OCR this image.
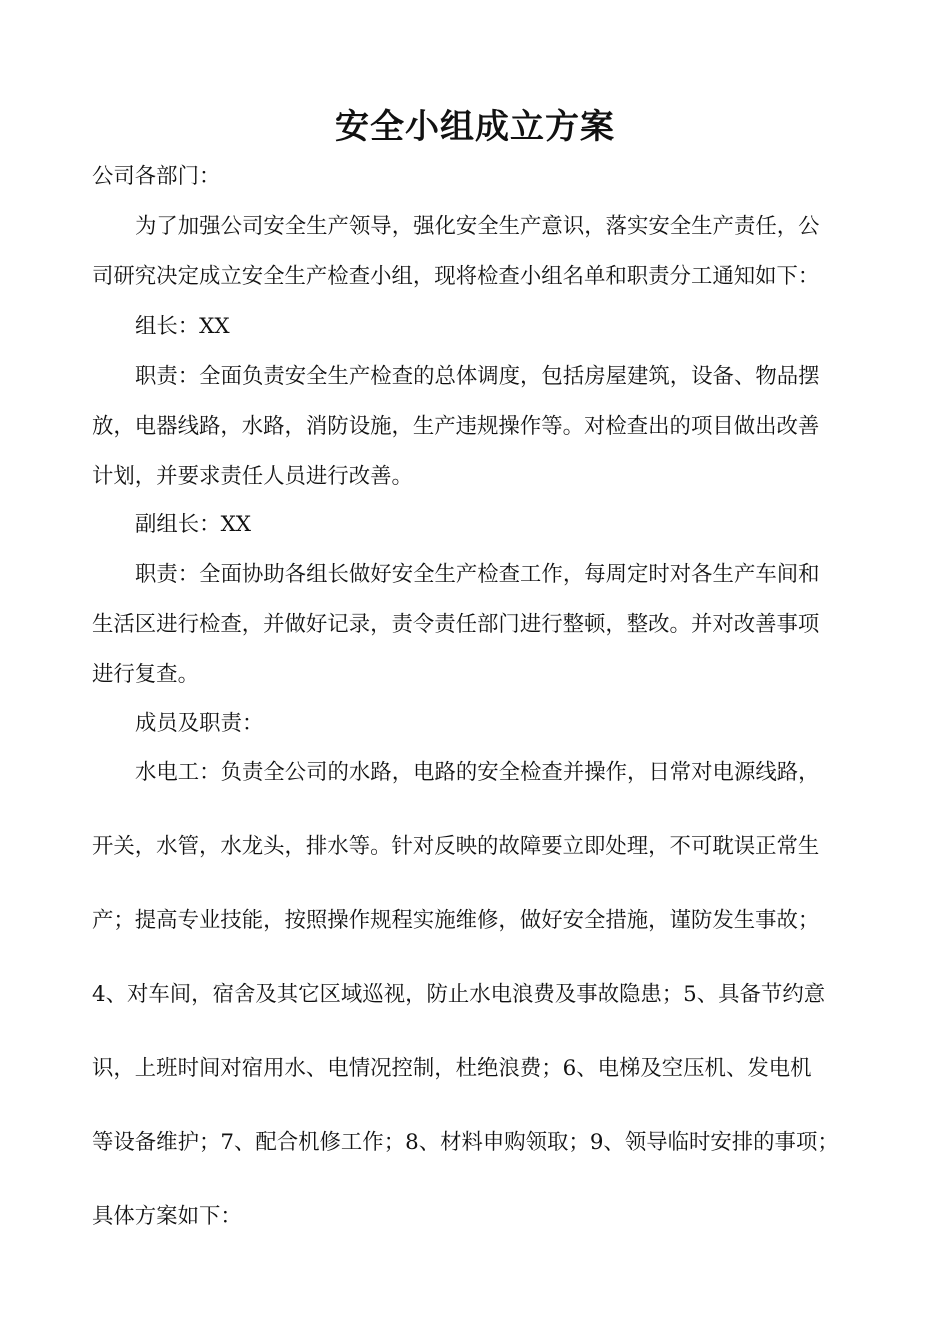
安全小组成立方案
公司各部门：
为了加强公司安全生产领导，强化安全生产意识，落实安全生产责任，公
司研究决定成立安全生产检查小组，现将检查小组名单和职责分工通知如下：
组长：XX
职责：全面负责安全生产检查的总体调度，包括房屋建筑，设备、物品摆
放，电器线路，水路，消防设施，生产违规操作等。对检查出的项目做出改善
计划，并要求责任人员进行改善。
副组长：XX
职责：全面协助各组长做好安全生产检查工作，每周定时对各生产车间和
生活区进行检查，并做好记录，责令责任部门进行整顿，整改。并对改善事项
进行复查。
成员及职责：
水电工：负责全公司的水路，电路的安全检查并操作，日常对电源线路，
开关，水管，水龙头，排水等。针对反映的故障要立即处理，不可耽误正常生
产；提高专业技能，按照操作规程实施维修，做好安全措施，谨防发生事故；
4、对车间，宿舍及其它区域巡视，防止水电浪费及事故隐患；5、具备节约意
识，上班时间对宿用水、电情况控制，杜绝浪费；6、电梯及空压机、发电机
等设备维护；7、配合机修工作；8、材料申购领取；9、领导临时安排的事项；
具体方案如下：
